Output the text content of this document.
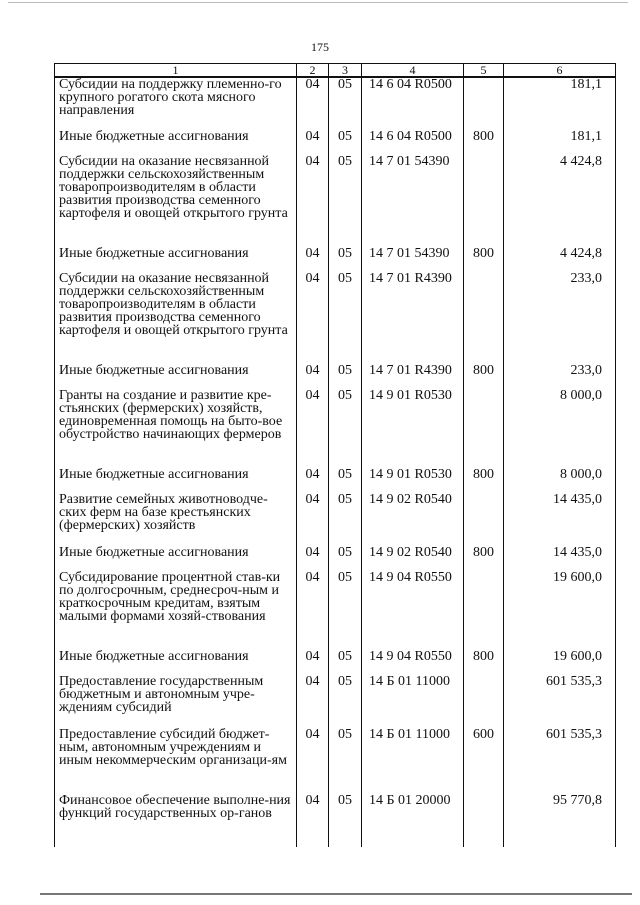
175
1	2	3	4	5	6
Субсидии на поддержку племенно-го крупного рогатого скота мясного направления	04	05	14 6 04 R0500		181,1
Иные бюджетные ассигнования	04	05	14 6 04 R0500	800	181,1
Субсидии на оказание несвязанной поддержки сельскохозяйственным товаропроизводителям в области развития производства семенного картофеля и овощей открытого грунта	04	05	14 7 01 54390		4 424,8
Иные бюджетные ассигнования	04	05	14 7 01 54390	800	4 424,8
Субсидии на оказание несвязанной поддержки сельскохозяйственным товаропроизводителям в области развития производства семенного картофеля и овощей открытого грунта	04	05	14 7 01 R4390		233,0
Иные бюджетные ассигнования	04	05	14 7 01 R4390	800	233,0
Гранты на создание и развитие кре-стьянских (фермерских) хозяйств, единовременная помощь на быто-вое обустройство начинающих фермеров	04	05	14 9 01 R0530		8 000,0
Иные бюджетные ассигнования	04	05	14 9 01 R0530	800	8 000,0
Развитие семейных животноводче-ских ферм на базе крестьянских (фермерских) хозяйств	04	05	14 9 02 R0540		14 435,0
Иные бюджетные ассигнования	04	05	14 9 02 R0540	800	14 435,0
Субсидирование процентной став-ки по долгосрочным, среднесроч-ным и краткосрочным кредитам, взятым малыми формами хозяй-ствования	04	05	14 9 04 R0550		19 600,0
Иные бюджетные ассигнования	04	05	14 9 04 R0550	800	19 600,0
Предоставление государственным бюджетным и автономным учре-ждениям субсидий	04	05	14 Б 01 11000		601 535,3
Предоставление субсидий бюджет-ным, автономным учреждениям и иным некоммерческим организаци-ям	04	05	14 Б 01 11000	600	601 535,3
Финансовое обеспечение выполне-ния функций государственных ор-ганов	04	05	14 Б 01 20000		95 770,8
